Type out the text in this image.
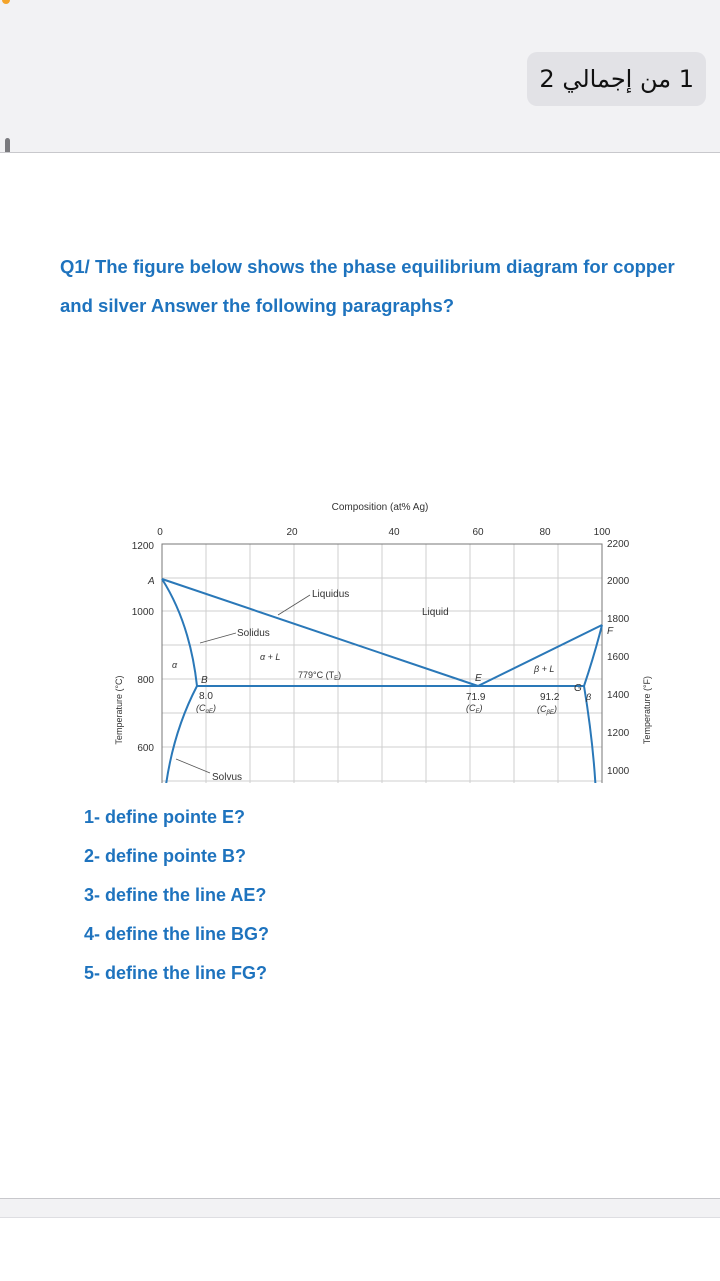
1 من إجمالي 2
Q1/ The figure below shows the phase equilibrium diagram for copper
and silver Answer the following paragraphs?
0	20	40	60	80	100
Composition (at% Ag)
1200
1000
800
600
Temperature (°C)
2200
2000
1800
1600
1400
1200
1000
Temperature (°F)
A
B	E
F
G
Liquidus
Liquid
Solidus
Solvus
α
β
α + L
β + L
779°C $(T_E)$
8.0
$(C_{\alpha E})$
71.9
$(C_E)$
91.2
$(C_{\beta E})$
1- define pointe E?
2- define pointe B?
3- define the line AE?
4- define the line BG?
5- define the line FG?
